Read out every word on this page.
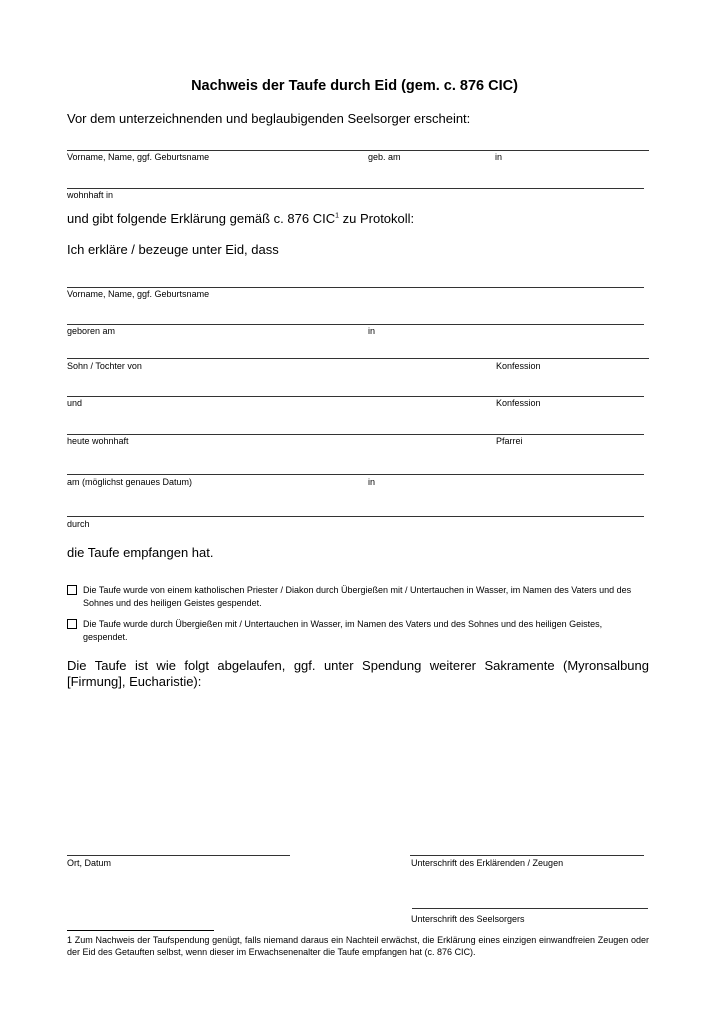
Nachweis der Taufe durch Eid (gem. c. 876 CIC)
Vor dem unterzeichnenden und beglaubigenden Seelsorger erscheint:
Vorname, Name, ggf. Geburtsname	geb. am	in
wohnhaft in
und gibt folgende Erklärung gemäß c. 876 CIC$^1$ zu Protokoll:
Ich erkläre / bezeuge unter Eid, dass
Vorname, Name, ggf. Geburtsname
geboren am	in
Sohn / Tochter von	Konfession
und	Konfession
heute wohnhaft	Pfarrei
am (möglichst genaues Datum)	in
durch
die Taufe empfangen hat.
Die Taufe wurde von einem katholischen Priester / Diakon durch Übergießen mit / Untertauchen in Wasser, im Namen des Vaters und des Sohnes und des heiligen Geistes gespendet.
Die Taufe wurde durch Übergießen mit / Untertauchen in Wasser, im Namen des Vaters und des Sohnes und des heiligen Geistes, gespendet.
Die Taufe ist wie folgt abgelaufen, ggf. unter Spendung weiterer Sakramente (Myronsalbung [Firmung], Eucharistie):
Ort, Datum	Unterschrift des Erklärenden / Zeugen
Unterschrift des Seelsorgers
1 Zum Nachweis der Taufspendung genügt, falls niemand daraus ein Nachteil erwächst, die Erklärung eines einzigen einwandfreien Zeugen oder der Eid des Getauften selbst, wenn dieser im Erwachsenenalter die Taufe empfangen hat (c. 876 CIC).
